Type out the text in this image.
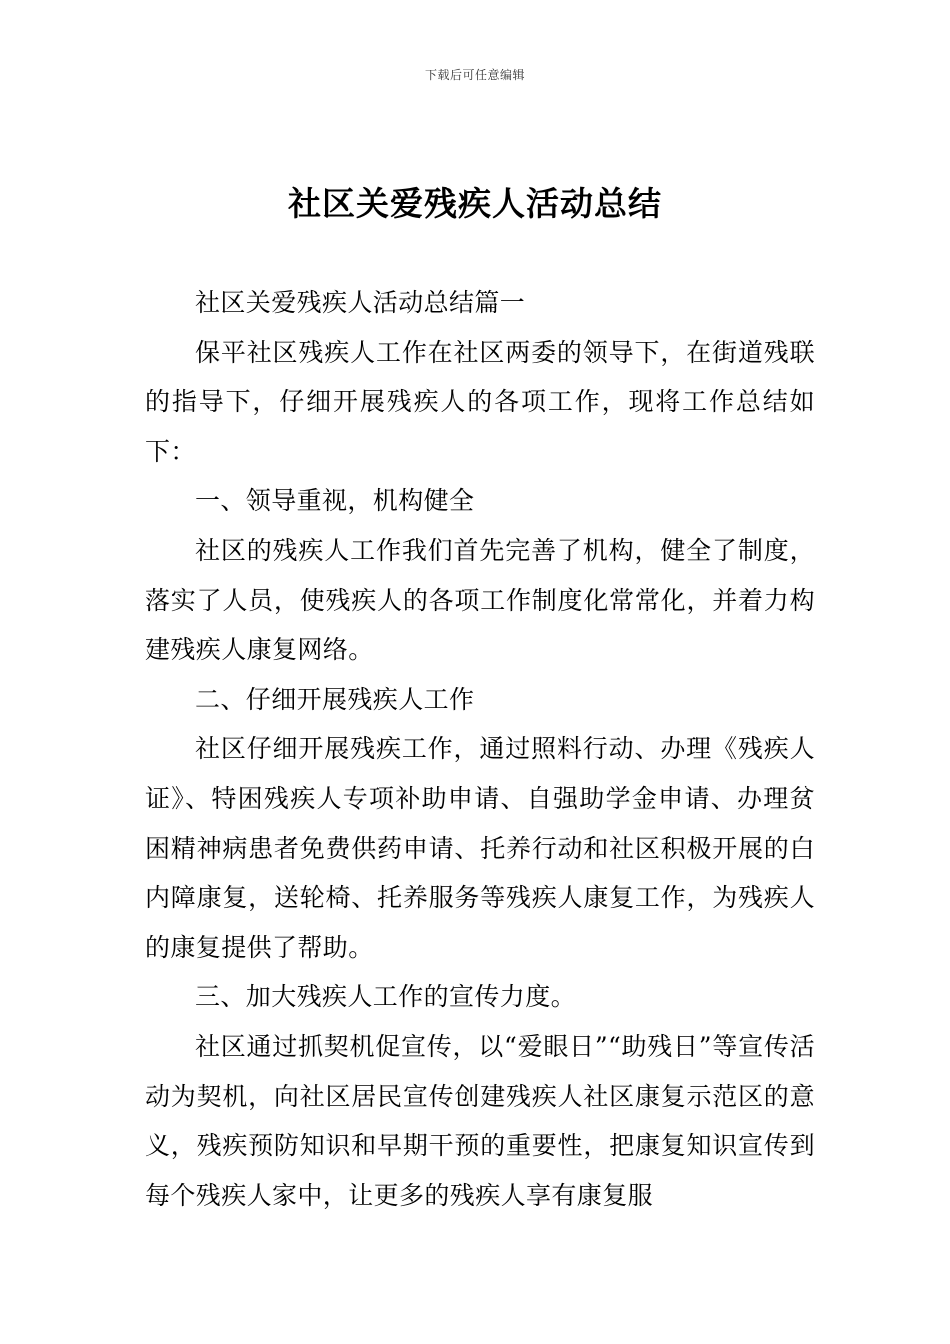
下载后可任意编辑
社区关爱残疾人活动总结

社区关爱残疾人活动总结篇一

保平社区残疾人工作在社区两委的领导下，在街道残联的指导下，仔细开展残疾人的各项工作，现将工作总结如下：

一、领导重视，机构健全

社区的残疾人工作我们首先完善了机构，健全了制度，落实了人员，使残疾人的各项工作制度化常常化，并着力构建残疾人康复网络。

二、仔细开展残疾人工作

社区仔细开展残疾工作，通过照料行动、办理《残疾人证》、特困残疾人专项补助申请、自强助学金申请、办理贫困精神病患者免费供药申请、托养行动和社区积极开展的白内障康复，送轮椅、托养服务等残疾人康复工作，为残疾人的康复提供了帮助。

三、加大残疾人工作的宣传力度。

社区通过抓契机促宣传，以“爱眼日”“助残日”等宣传活动为契机，向社区居民宣传创建残疾人社区康复示范区的意义，残疾预防知识和早期干预的重要性，把康复知识宣传到每个残疾人家中，让更多的残疾人享有康复服
